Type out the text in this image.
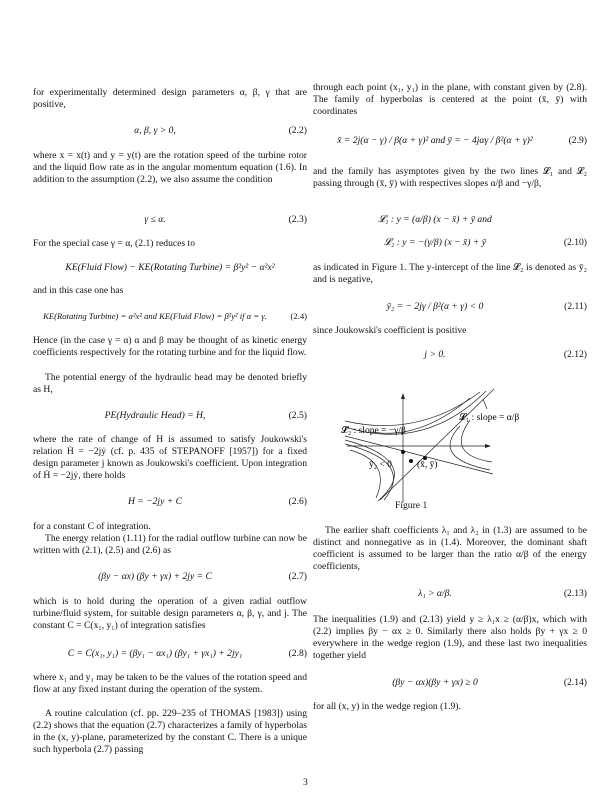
for experimentally determined design parameters α, β, γ that are positive,
α, β, γ > 0,	(2.2)
where x = x(t) and y = y(t) are the rotation speed of the turbine rotor and the liquid flow rate as in the angular momentum equation (1.6). In addition to the assumption (2.2), we also assume the condition
γ ≤ α.	(2.3)
For the special case γ = α, (2.1) reduces to
KE(Fluid Flow) − KE(Rotating Turbine) = β²y² − α²x²
and in this case one has
KE(Rotating Turbine) = α²x² and KE(Fluid Flow) = β²y² if α = γ.	(2.4)
Hence (in the case γ = α) α and β may be thought of as kinetic energy coefficients respectively for the rotating turbine and for the liquid flow.
The potential energy of the hydraulic head may be denoted briefly as H,
PE(Hydraulic Head) = H,	(2.5)
where the rate of change of H is assumed to satisfy Joukowski's relation Ḣ = −2jẏ (cf. p. 435 of STEPANOFF [1957]) for a fixed design parameter j known as Joukowski's coefficient. Upon integration of Ḣ = −2jẏ, there holds
H = −2jy + C	(2.6)
for a constant C of integration.
The energy relation (1.11) for the radial outflow turbine can now be written with (2.1), (2.5) and (2.6) as
(βy − αx) (βy + γx) + 2jy = C	(2.7)
which is to hold during the operation of a given radial outflow turbine/fluid system, for suitable design parameters α, β, γ, and j. The constant C = C(x₁, y₁) of integration satisfies
C = C(x₁, y₁) = (βy₁ − αx₁) (βy₁ + γx₁) + 2jy₁	(2.8)
where x₁ and y₁ may be taken to be the values of the rotation speed and flow at any fixed instant during the operation of the system.
A routine calculation (cf. pp. 229–235 of THOMAS [1983]) using (2.2) shows that the equation (2.7) characterizes a family of hyperbolas in the (x, y)-plane, parameterized by the constant C. There is a unique such hyperbola (2.7) passing
through each point (x₁, y₁) in the plane, with constant given by (2.8). The family of hyperbolas is centered at the point (x̄, ȳ) with coordinates
x̄ = 2j(α − γ) / β(α + γ)² and ȳ = − 4jαγ / β²(α + γ)²	(2.9)
and the family has asymptotes given by the two lines 𝓛₁ and 𝓛₂ passing through (x̄, ȳ) with respectives slopes α/β and −γ/β,
𝓛₁ : y = (α/β) (x − x̄) + ȳ and
𝓛₂ : y = −(γ/β) (x − x̄) + ȳ	(2.10)
as indicated in Figure 1. The y-intercept of the line 𝓛₂ is denoted as ȳ₂ and is negative,
ȳ₂ = − 2jγ / β²(α + γ) < 0	(2.11)
since Joukowski's coefficient is positive
j > 0.	(2.12)
𝓛₁ : slope = α/β
𝓛₂ : slope = −γ/β
ȳ₂ < 0	(x̄, ȳ)
Figure 1
The earlier shaft coefficients λ₁ and λ₂ in (1.3) are assumed to be distinct and nonnegative as in (1.4). Moreover, the dominant shaft coefficient is assumed to be larger than the ratio α/β of the energy coefficients,
λ₁ > α/β.	(2.13)
The inequalities (1.9) and (2.13) yield y ≥ λ₁x ≥ (α/β)x, which with (2.2) implies βy − αx ≥ 0. Similarly there also holds βy + γx ≥ 0 everywhere in the wedge region (1.9), and these last two inequalities together yield
(βy − αx)(βy + γx) ≥ 0	(2.14)
for all (x, y) in the wedge region (1.9).
3
